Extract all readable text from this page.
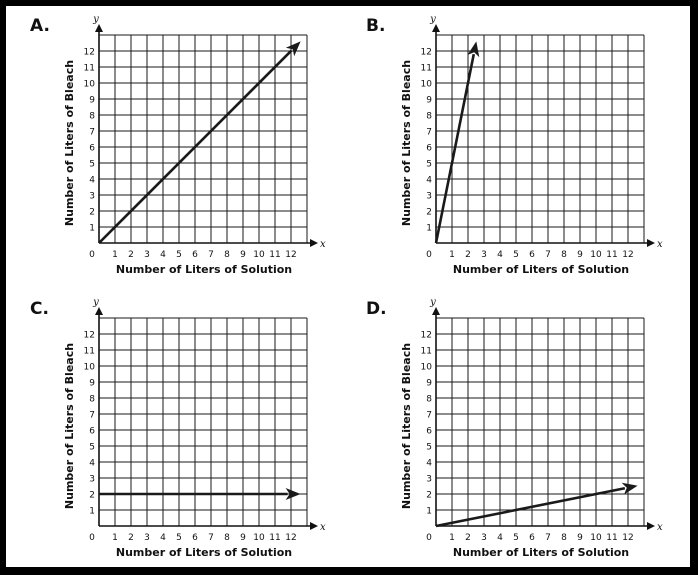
A.
x
y
0 1 2 3 4 5 6 7 8 9 10 11 12
1
2
3
4
5
6
7
8
9
10
11
12
Number of Liters of Solution
Number of Liters of Bleach
B.
x
y
0 1 2 3 4 5 6 7 8 9 10 11 12
1
2
3
4
5
6
7
8
9
10
11
12
Number of Liters of Solution
Number of Liters of Bleach
C.
x
y
0 1 2 3 4 5 6 7 8 9 10 11 12
1
2
3
4
5
6
7
8
9
10
11
12
Number of Liters of Solution
Number of Liters of Bleach
D.
x
y
0 1 2 3 4 5 6 7 8 9 10 11 12
1
2
3
4
5
6
7
8
9
10
11
12
Number of Liters of Solution
Number of Liters of Bleach
